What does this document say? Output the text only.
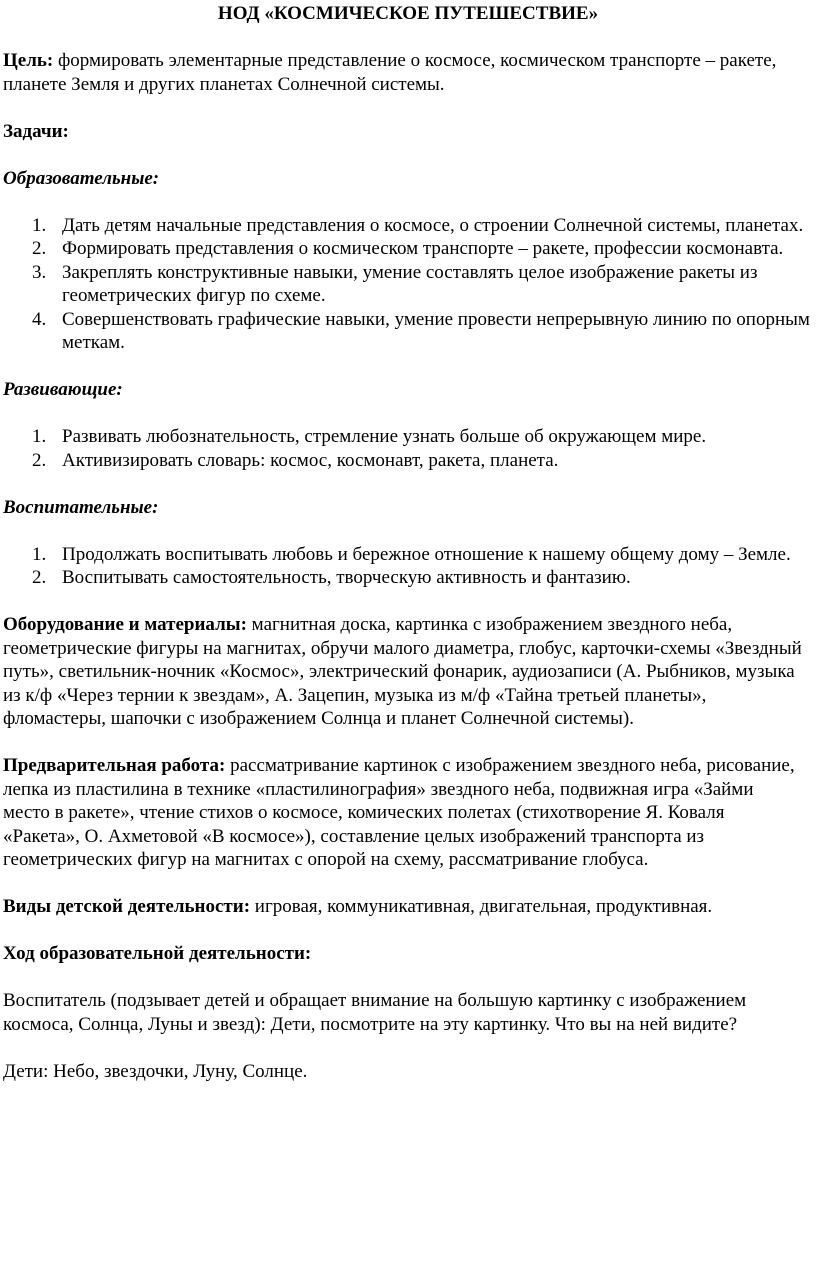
НОД «КОСМИЧЕСКОЕ ПУТЕШЕСТВИЕ»

Цель: формировать элементарные представление о космосе, космическом транспорте – ракете, планете Земля и других планетах Солнечной системы.

Задачи:

Образовательные:

1. Дать детям начальные представления о космосе, о строении Солнечной системы, планетах.
2. Формировать представления о космическом транспорте – ракете, профессии космонавта.
3. Закреплять конструктивные навыки, умение составлять целое изображение ракеты из геометрических фигур по схеме.
4. Совершенствовать графические навыки, умение провести непрерывную линию по опорным меткам.

Развивающие:

1. Развивать любознательность, стремление узнать больше об окружающем мире.
2. Активизировать словарь: космос, космонавт, ракета, планета.

Воспитательные:

1. Продолжать воспитывать любовь и бережное отношение к нашему общему дому – Земле.
2. Воспитывать самостоятельность, творческую активность и фантазию.

Оборудование и материалы: магнитная доска, картинка с изображением звездного неба, геометрические фигуры на магнитах, обручи малого диаметра, глобус, карточки-схемы «Звездный путь», светильник-ночник «Космос», электрический фонарик, аудиозаписи (А. Рыбников, музыка из к/ф «Через тернии к звездам», А. Зацепин, музыка из м/ф «Тайна третьей планеты», фломастеры, шапочки с изображением Солнца и планет Солнечной системы).

Предварительная работа: рассматривание картинок с изображением звездного неба, рисование, лепка из пластилина в технике «пластилинография» звездного неба, подвижная игра «Займи место в ракете», чтение стихов о космосе, комических полетах (стихотворение Я. Коваля «Ракета», О. Ахметовой «В космосе»), составление целых изображений транспорта из геометрических фигур на магнитах с опорой на схему, рассматривание глобуса.

Виды детской деятельности: игровая, коммуникативная, двигательная, продуктивная.

Ход образовательной деятельности:

Воспитатель (подзывает детей и обращает внимание на большую картинку с изображением космоса, Солнца, Луны и звезд): Дети, посмотрите на эту картинку. Что вы на ней видите?

Дети: Небо, звездочки, Луну, Солнце.
